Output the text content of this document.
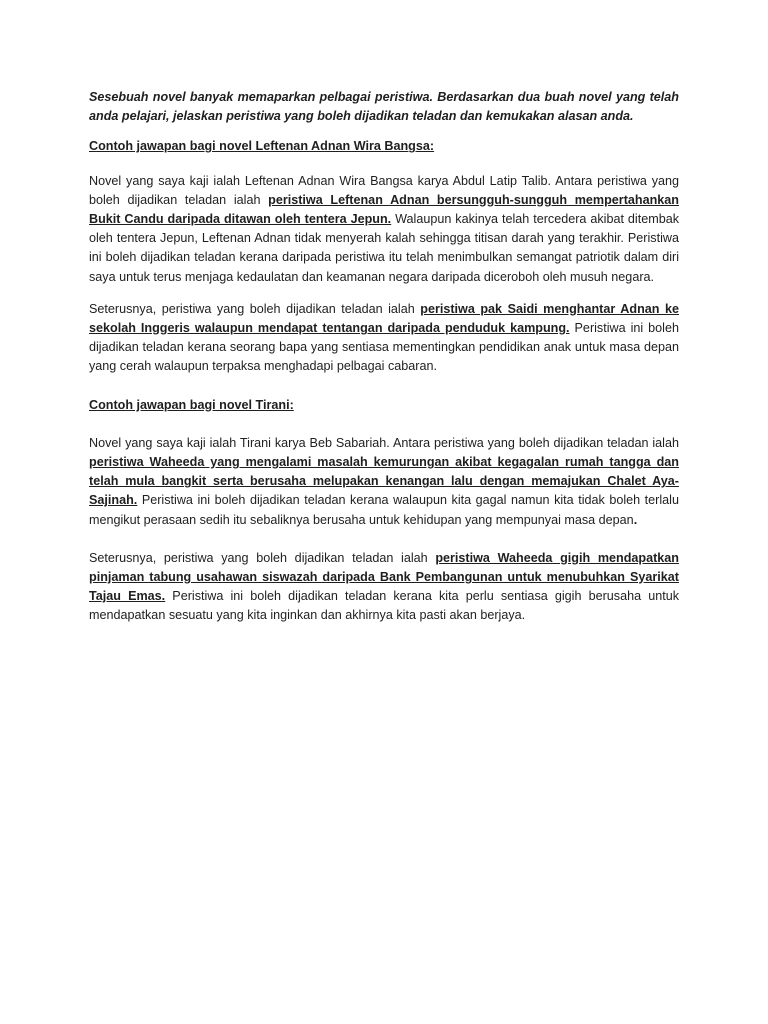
Sesebuah novel banyak memaparkan pelbagai peristiwa. Berdasarkan dua buah novel yang telah anda pelajari, jelaskan peristiwa yang boleh dijadikan teladan dan kemukakan alasan anda.

Contoh jawapan bagi novel Leftenan Adnan Wira Bangsa:

Novel yang saya kaji ialah Leftenan Adnan Wira Bangsa karya Abdul Latip Talib. Antara peristiwa yang boleh dijadikan teladan ialah peristiwa Leftenan Adnan bersungguh-sungguh mempertahankan Bukit Candu daripada ditawan oleh tentera Jepun. Walaupun kakinya telah tercedera akibat ditembak oleh tentera Jepun, Leftenan Adnan tidak menyerah kalah sehingga titisan darah yang terakhir. Peristiwa ini boleh dijadikan teladan kerana daripada peristiwa itu telah menimbulkan semangat patriotik dalam diri saya untuk terus menjaga kedaulatan dan keamanan negara daripada diceroboh oleh musuh negara.

Seterusnya, peristiwa yang boleh dijadikan teladan ialah peristiwa pak Saidi menghantar Adnan ke sekolah Inggeris walaupun mendapat tentangan daripada penduduk kampung. Peristiwa ini boleh dijadikan teladan kerana seorang bapa yang sentiasa mementingkan pendidikan anak untuk masa depan yang cerah walaupun terpaksa menghadapi pelbagai cabaran.

Contoh jawapan bagi novel Tirani:

Novel yang saya kaji ialah Tirani karya Beb Sabariah. Antara peristiwa yang boleh dijadikan teladan ialah peristiwa Waheeda yang mengalami masalah kemurungan akibat kegagalan rumah tangga dan telah mula bangkit serta berusaha melupakan kenangan lalu dengan memajukan Chalet Aya- Sajinah. Peristiwa ini boleh dijadikan teladan kerana walaupun kita gagal namun kita tidak boleh terlalu mengikut perasaan sedih itu sebaliknya berusaha untuk kehidupan yang mempunyai masa depan.

Seterusnya, peristiwa yang boleh dijadikan teladan ialah peristiwa Waheeda gigih mendapatkan pinjaman tabung usahawan siswazah daripada Bank Pembangunan untuk menubuhkan Syarikat Tajau Emas. Peristiwa ini boleh dijadikan teladan kerana kita perlu sentiasa gigih berusaha untuk mendapatkan sesuatu yang kita inginkan dan akhirnya kita pasti akan berjaya.
